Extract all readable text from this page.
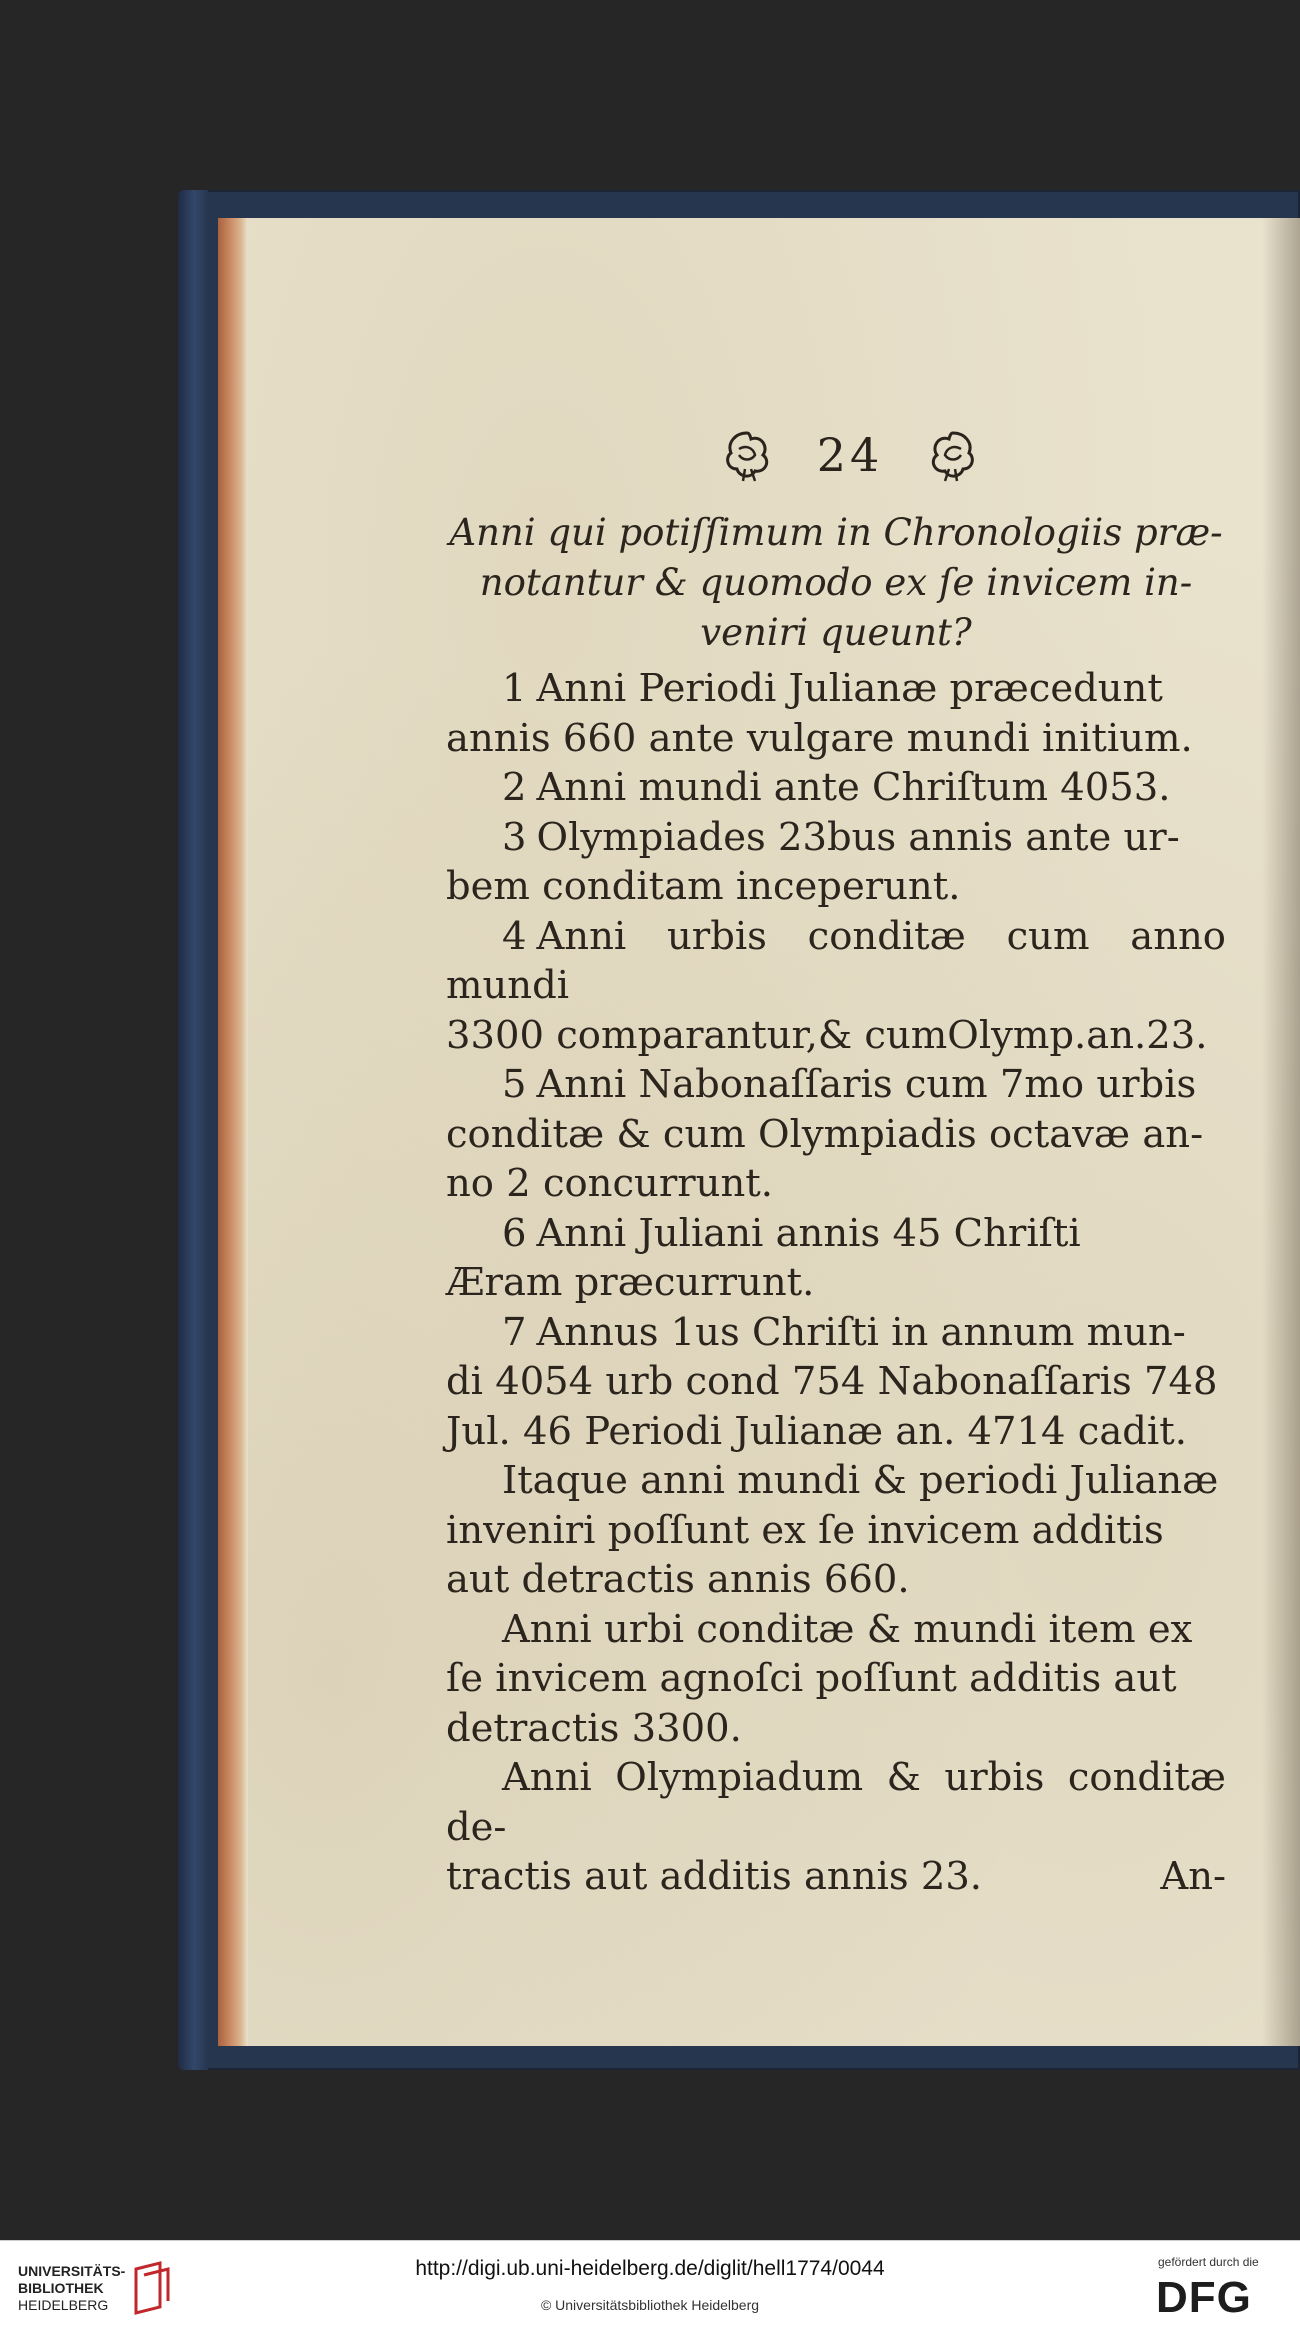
24
Anni qui potiſſimum in Chronologiis præ-
notantur & quomodo ex ſe invicem in-
veniri queunt?
1 Anni Periodi Julianæ præcedunt
annis 660 ante vulgare mundi initium.
2 Anni mundi ante Chriſtum 4053.
3 Olympiades 23bus annis ante ur-
bem conditam inceperunt.
4 Anni urbis conditæ cum anno mundi
3300 comparantur,& cumOlymp.an.23.
5 Anni Nabonaſſaris cum 7mo urbis
conditæ & cum Olympiadis octavæ an-
no 2 concurrunt.
6 Anni Juliani annis 45 Chriſti
Æram præcurrunt.
7 Annus 1us Chriſti in annum mun-
di 4054 urb cond 754 Nabonaſſaris 748
Jul. 46 Periodi Julianæ an. 4714 cadit.
Itaque anni mundi & periodi Julianæ
inveniri poſſunt ex ſe invicem additis
aut detractis annis 660.
Anni urbi conditæ & mundi item ex
ſe invicem agnoſci poſſunt additis aut
detractis 3300.
Anni Olympiadum & urbis conditæ de-
tractis aut additis annis 23.	An-
UNIVERSITÄTS-
BIBLIOTHEK
HEIDELBERG
http://digi.ub.uni-heidelberg.de/diglit/hell1774/0044
© Universitätsbibliothek Heidelberg
gefördert durch die
DFG
